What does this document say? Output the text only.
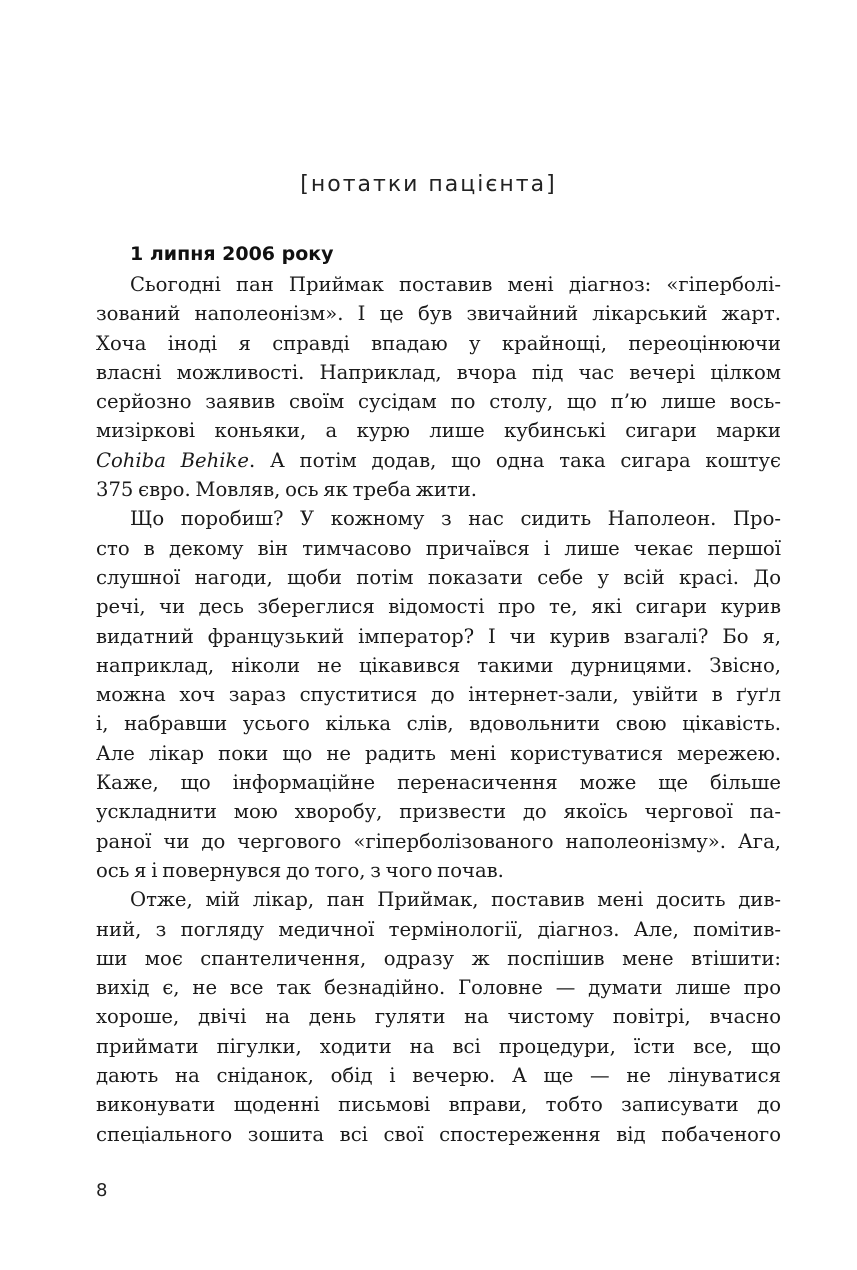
[нотатки пацієнта]
1 липня 2006 року
Сьогодні пан Приймак поставив мені діагноз: «гіперболі-
зований наполеонізм». І це був звичайний лікарський жарт.
Хоча іноді я справді впадаю у крайнощі, переоцінюючи
власні можливості. Наприклад, вчора під час вечері цілком
серйозно заявив своїм сусідам по столу, що п’ю лише вось-
мизіркові коньяки, а курю лише кубинські сигари марки
Cohiba Behike. А потім додав, що одна така сигара коштує
375 євро. Мовляв, ось як треба жити.
Що поробиш? У кожному з нас сидить Наполеон. Про-
сто в декому він тимчасово причаївся і лише чекає першої
слушної нагоди, щоби потім показати себе у всій красі. До
речі, чи десь збереглися відомості про те, які сигари курив
видатний французький імператор? І чи курив взагалі? Бо я,
наприклад, ніколи не цікавився такими дурницями. Звісно,
можна хоч зараз спуститися до інтернет-зали, увійти в ґуґл
і, набравши усього кілька слів, вдовольнити свою цікавість.
Але лікар поки що не радить мені користуватися мережею.
Каже, що інформаційне перенасичення може ще більше
ускладнити мою хворобу, призвести до якоїсь чергової па-
раної чи до чергового «гіперболізованого наполеонізму». Ага,
ось я і повернувся до того, з чого почав.
Отже, мій лікар, пан Приймак, поставив мені досить див-
ний, з погляду медичної термінології, діагноз. Але, помітив-
ши моє спантеличення, одразу ж поспішив мене втішити:
вихід є, не все так безнадійно. Головне — думати лише про
хороше, двічі на день гуляти на чистому повітрі, вчасно
приймати пігулки, ходити на всі процедури, їсти все, що
дають на сніданок, обід і вечерю. А ще — не лінуватися
виконувати щоденні письмові вправи, тобто записувати до
спеціального зошита всі свої спостереження від побаченого
8
